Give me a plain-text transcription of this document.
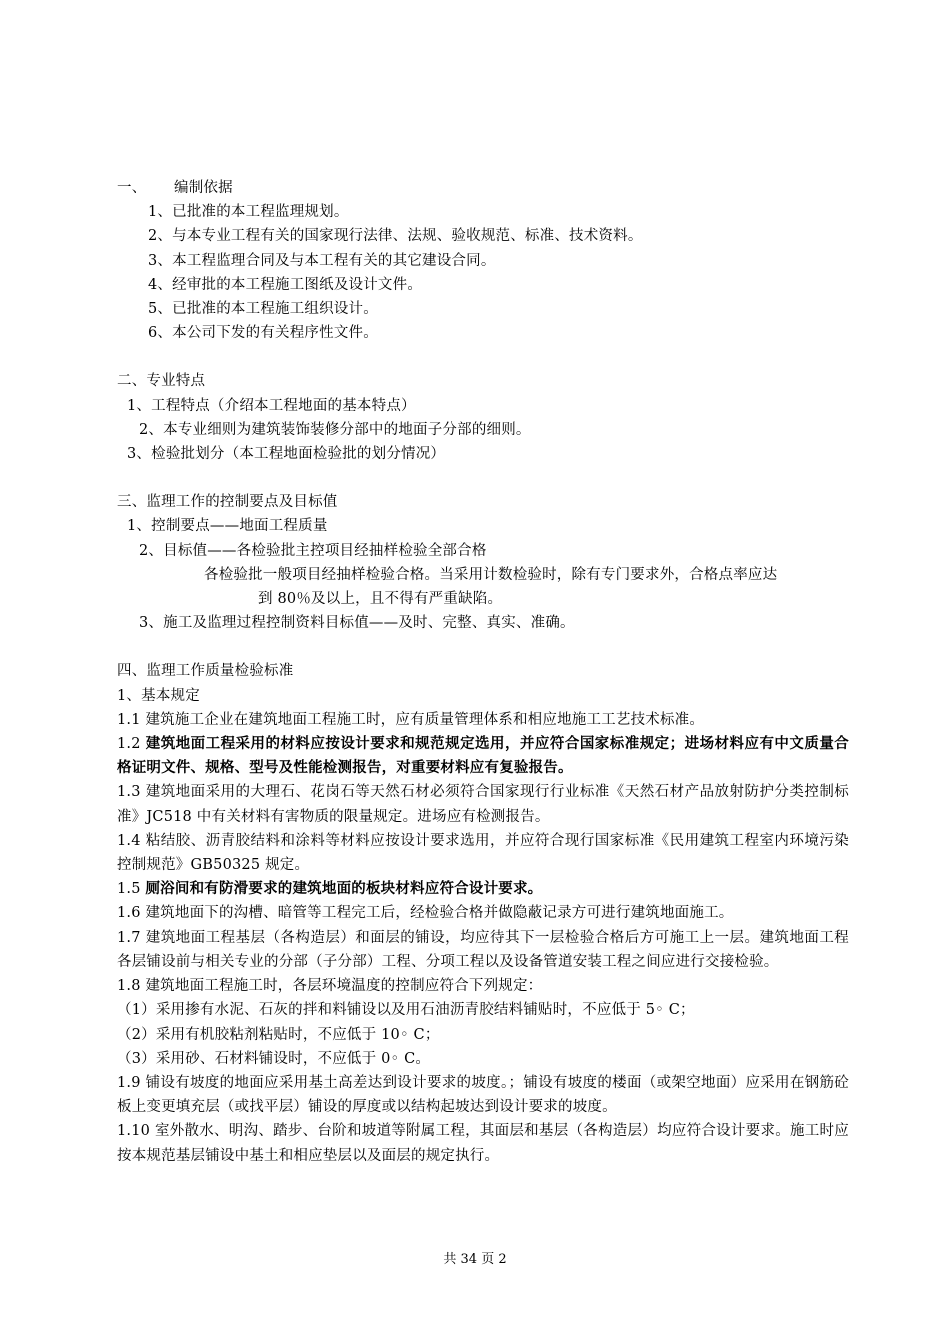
一、 编制依据
1、已批准的本工程监理规划。
2、与本专业工程有关的国家现行法律、法规、验收规范、标准、技术资料。
3、本工程监理合同及与本工程有关的其它建设合同。
4、经审批的本工程施工图纸及设计文件。
5、已批准的本工程施工组织设计。
6、本公司下发的有关程序性文件。
二、专业特点
1、工程特点（介绍本工程地面的基本特点）
2、本专业细则为建筑装饰装修分部中的地面子分部的细则。
3、检验批划分（本工程地面检验批的划分情况）
三、监理工作的控制要点及目标值
1、控制要点——地面工程质量
2、目标值——各检验批主控项目经抽样检验全部合格
各检验批一般项目经抽样检验合格。当采用计数检验时，除有专门要求外，合格点率应达
到 80％及以上，且不得有严重缺陷。
3、施工及监理过程控制资料目标值——及时、完整、真实、准确。
四、监理工作质量检验标准
1、基本规定
1.1 建筑施工企业在建筑地面工程施工时，应有质量管理体系和相应地施工工艺技术标准。
1.2 建筑地面工程采用的材料应按设计要求和规范规定选用，并应符合国家标准规定；进场材料应有中文质量合格证明文件、规格、型号及性能检测报告，对重要材料应有复验报告。
1.3 建筑地面采用的大理石、花岗石等天然石材必须符合国家现行行业标准《天然石材产品放射防护分类控制标准》JC518 中有关材料有害物质的限量规定。进场应有检测报告。
1.4 粘结胶、沥青胶结料和涂料等材料应按设计要求选用，并应符合现行国家标准《民用建筑工程室内环境污染控制规范》GB50325 规定。
1.5 厕浴间和有防滑要求的建筑地面的板块材料应符合设计要求。
1.6 建筑地面下的沟槽、暗管等工程完工后，经检验合格并做隐蔽记录方可进行建筑地面施工。
1.7 建筑地面工程基层（各构造层）和面层的铺设，均应待其下一层检验合格后方可施工上一层。建筑地面工程各层铺设前与相关专业的分部（子分部）工程、分项工程以及设备管道安装工程之间应进行交接检验。
1.8 建筑地面工程施工时，各层环境温度的控制应符合下列规定：
（1）采用掺有水泥、石灰的拌和料铺设以及用石油沥青胶结料铺贴时，不应低于 5◦ C；
（2）采用有机胶粘剂粘贴时，不应低于 10◦ C；
（3）采用砂、石材料铺设时，不应低于 0◦ C。
1.9 铺设有坡度的地面应采用基土高差达到设计要求的坡度。；铺设有坡度的楼面（或架空地面）应采用在钢筋砼板上变更填充层（或找平层）铺设的厚度或以结构起坡达到设计要求的坡度。
1.10 室外散水、明沟、踏步、台阶和坡道等附属工程，其面层和基层（各构造层）均应符合设计要求。施工时应按本规范基层铺设中基土和相应垫层以及面层的规定执行。
共 34 页 2
